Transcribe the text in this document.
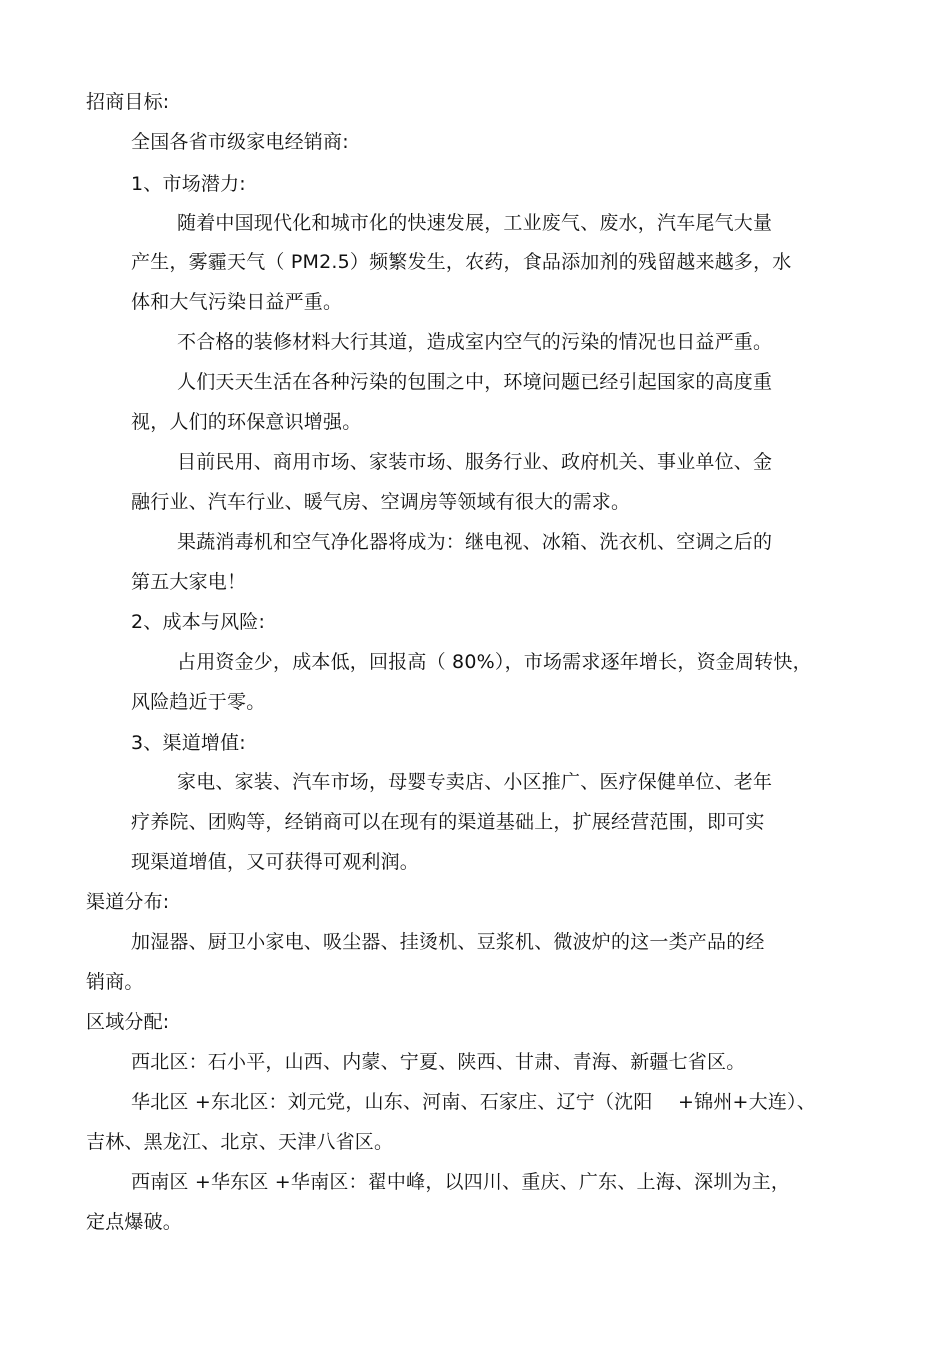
招商目标:
全国各省市级家电经销商:
1、市场潜力:
随着中国现代化和城市化的快速发展，工业废气、废水，汽车尾气大量
产生，雾霾天气（ PM2.5）频繁发生，农药，食品添加剂的残留越来越多，水
体和大气污染日益严重。
不合格的装修材料大行其道，造成室内空气的污染的情况也日益严重。
人们天天生活在各种污染的包围之中，环境问题已经引起国家的高度重
视，人们的环保意识增强。
目前民用、商用市场、家装市场、服务行业、政府机关、事业单位、金
融行业、汽车行业、暖气房、空调房等领域有很大的需求。
果蔬消毒机和空气净化器将成为：继电视、冰箱、洗衣机、空调之后的
第五大家电！
2、成本与风险:
占用资金少，成本低，回报高（ 80%），市场需求逐年增长，资金周转快，
风险趋近于零。
3、渠道增值:
家电、家装、汽车市场，母婴专卖店、小区推广、医疗保健单位、老年
疗养院、团购等，经销商可以在现有的渠道基础上，扩展经营范围，即可实
现渠道增值，又可获得可观利润。
渠道分布:
加湿器、厨卫小家电、吸尘器、挂烫机、豆浆机、微波炉的这一类产品的经
销商。
区域分配:
西北区：石小平，山西、内蒙、宁夏、陕西、甘肃、青海、新疆七省区。
华北区 +东北区：刘元党，山东、河南、石家庄、辽宁（沈阳　 +锦州+大连）、
吉林、黑龙江、北京、天津八省区。
西南区 +华东区 +华南区：翟中峰，以四川、重庆、广东、上海、深圳为主，
定点爆破。
